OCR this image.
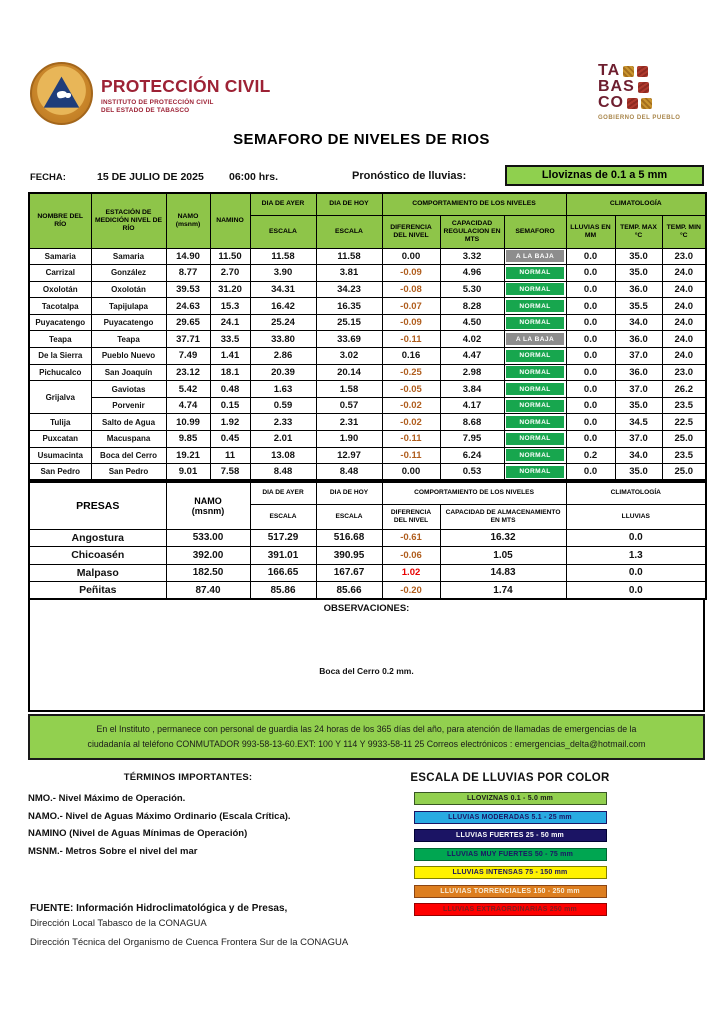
PROTECCIÓN CIVIL
INSTITUTO DE PROTECCIÓN CIVIL
DEL ESTADO DE TABASCO
TA
BAS
CO
GOBIERNO DEL PUEBLO
SEMAFORO DE NIVELES DE RIOS
FECHA:	15 DE JULIO DE 2025 06:00 hrs.	Pronóstico de lluvias:	Lloviznas de 0.1 a 5 mm
NOMBRE DEL RÍO	ESTACIÓN DE MEDICIÓN NIVEL DE RÍO	NAMO
(msnm)	NAMINO	DIA DE AYER	DIA DE HOY	COMPORTAMIENTO DE LOS NIVELES			CLIMATOLOGÍA		
				ESCALA	ESCALA	DIFERENCIA DEL NIVEL	CAPACIDAD REGULACION EN MTS	SEMAFORO	LLUVIAS EN MM	TEMP. MAX °C	TEMP. MIN °C
Samaria	Samaria	14.90	11.50	11.58	11.58	0.00	3.32	A LA BAJA	0.0	35.0	23.0
Carrizal	González	8.77	2.70	3.90	3.81	-0.09	4.96	NORMAL	0.0	35.0	24.0
Oxolotán	Oxolotán	39.53	31.20	34.31	34.23	-0.08	5.30	NORMAL	0.0	36.0	24.0
Tacotalpa	Tapijulapa	24.63	15.3	16.42	16.35	-0.07	8.28	NORMAL	0.0	35.5	24.0
Puyacatengo	Puyacatengo	29.65	24.1	25.24	25.15	-0.09	4.50	NORMAL	0.0	34.0	24.0
Teapa	Teapa	37.71	33.5	33.80	33.69	-0.11	4.02	A LA BAJA	0.0	36.0	24.0
De la Sierra	Pueblo Nuevo	7.49	1.41	2.86	3.02	0.16	4.47	NORMAL	0.0	37.0	24.0
Pichucalco	San Joaquín	23.12	18.1	20.39	20.14	-0.25	2.98	NORMAL	0.0	36.0	23.0
Grijalva	Gaviotas	5.42	0.48	1.63	1.58	-0.05	3.84	NORMAL	0.0	37.0	26.2
	Porvenir	4.74	0.15	0.59	0.57	-0.02	4.17	NORMAL	0.0	35.0	23.5
Tulija	Salto de Agua	10.99	1.92	2.33	2.31	-0.02	8.68	NORMAL	0.0	34.5	22.5
Puxcatan	Macuspana	9.85	0.45	2.01	1.90	-0.11	7.95	NORMAL	0.0	37.0	25.0
Usumacinta	Boca del Cerro	19.21	11	13.08	12.97	-0.11	6.24	NORMAL	0.2	34.0	23.5
San Pedro	San Pedro	9.01	7.58	8.48	8.48	0.00	0.53	NORMAL	0.0	35.0	25.0
PRESAS	NAMO
(msnm)	DIA DE AYER	DIA DE HOY	COMPORTAMIENTO DE LOS NIVELES		CLIMATOLOGÍA
		ESCALA	ESCALA	DIFERENCIA DEL NIVEL	CAPACIDAD DE ALMACENAMIENTO EN MTS	LLUVIAS
Angostura	533.00	517.29	516.68	-0.61	16.32	0.0
Chicoasén	392.00	391.01	390.95	-0.06	1.05	1.3
Malpaso	182.50	166.65	167.67	1.02	14.83	0.0
Peñitas	87.40	85.86	85.66	-0.20	1.74	0.0
OBSERVACIONES:
Boca del Cerro 0.2 mm.
En el Instituto , permanece con personal de guardia las 24 horas de los 365 días del año, para atención de llamadas de emergencias de la
ciudadanía al teléfono CONMUTADOR 993-58-13-60.EXT: 100 Y 114 Y 9933-58-11 25 Correos electrónicos : emergencias_delta@hotmail.com
TÉRMINOS IMPORTANTES:
NMO.- Nivel Máximo de Operación.
NAMO.- Nivel de Aguas Máximo Ordinario (Escala Crítica).
NAMINO (Nivel de Aguas Mínimas de Operación)
MSNM.- Metros Sobre el nivel del mar
ESCALA DE LLUVIAS POR COLOR
LLOVIZNAS 0.1 - 5.0 mm
LLUVIAS MODERADAS 5.1 - 25 mm
LLUVIAS FUERTES 25 - 50 mm
LLUVIAS MUY FUERTES 50 - 75 mm
LLUVIAS INTENSAS 75 - 150 mm
LLUVIAS TORRENCIALES 150 - 250 mm
LLUVIAS EXTRAORDINARIAS 250 mm
FUENTE: Información Hidroclimatológica y de Presas,
Dirección Local Tabasco de la CONAGUA
Dirección Técnica del Organismo de Cuenca Frontera Sur de la CONAGUA
